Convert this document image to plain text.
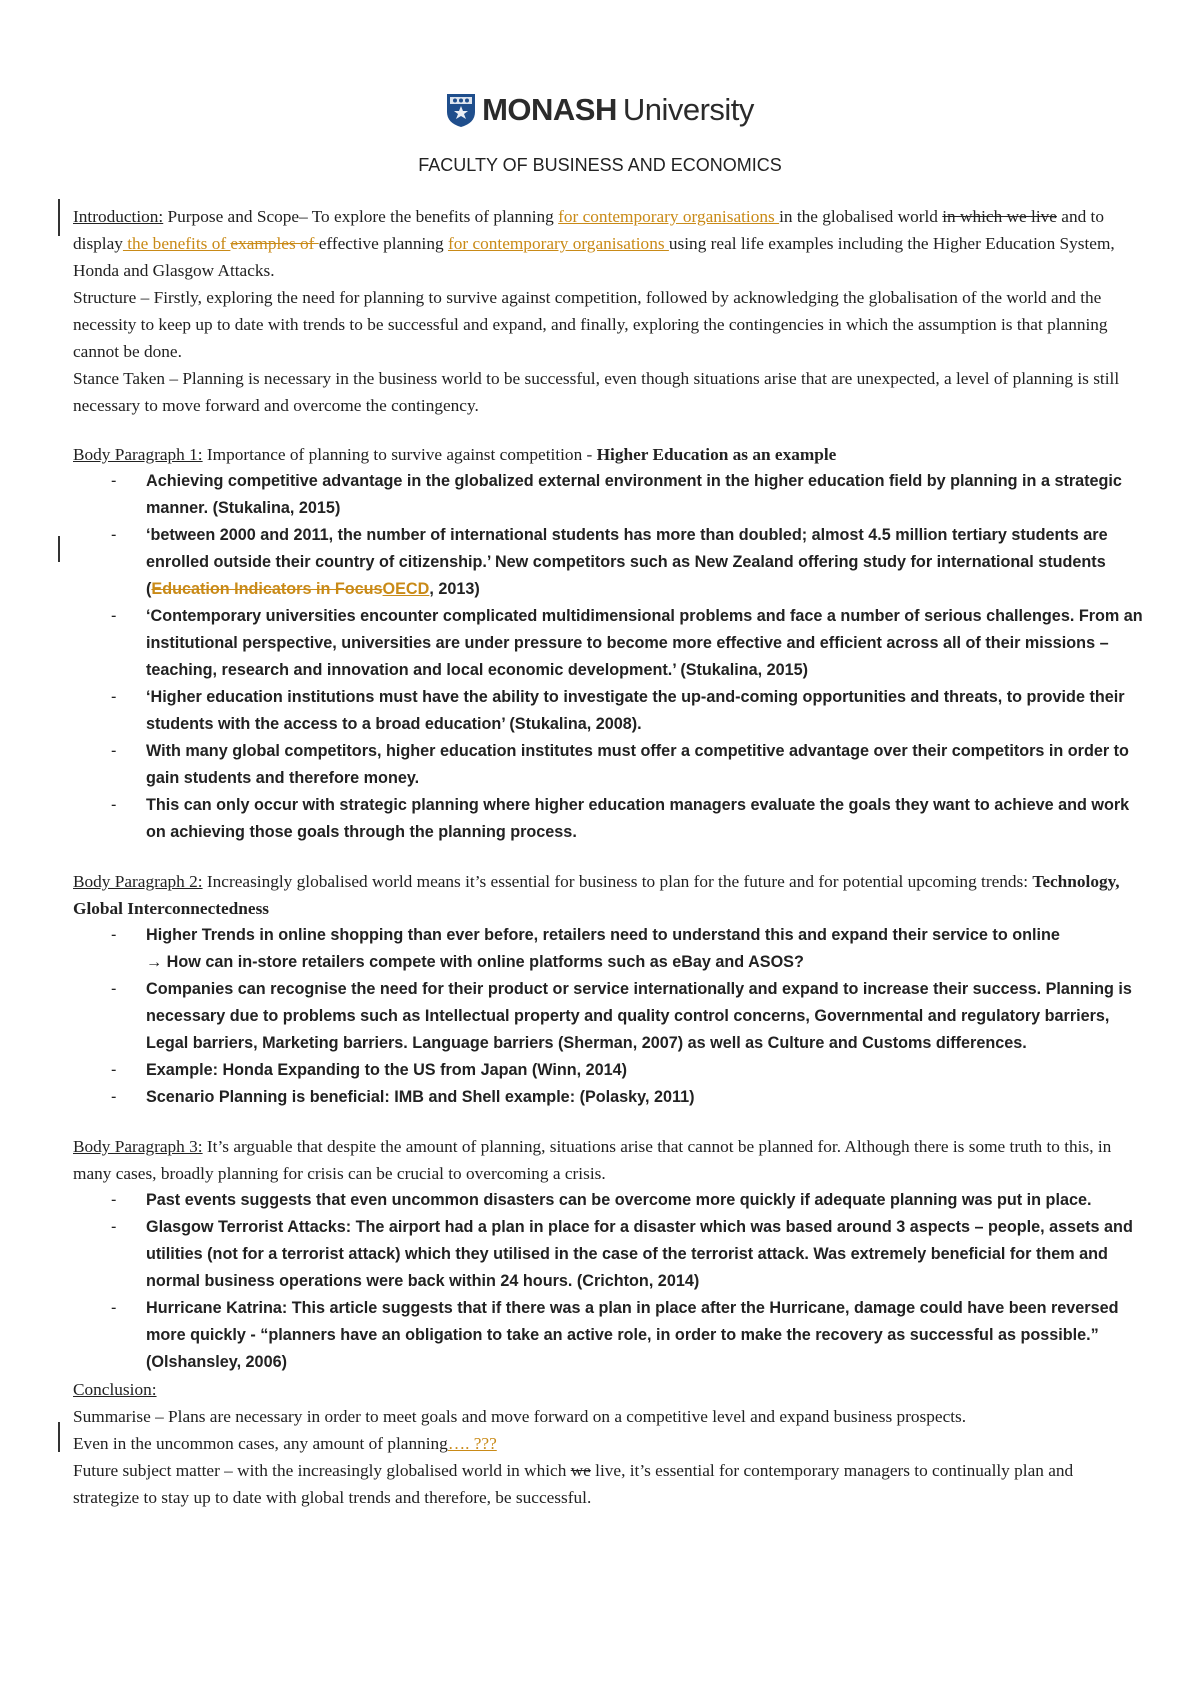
MONASH University
FACULTY OF BUSINESS AND ECONOMICS

Introduction: Purpose and Scope– To explore the benefits of planning for contemporary organisations in the globalised world in which we live and to display the benefits of examples of effective planning for contemporary organisations using real life examples including the Higher Education System, Honda and Glasgow Attacks.

Structure – Firstly, exploring the need for planning to survive against competition, followed by acknowledging the globalisation of the world and the necessity to keep up to date with trends to be successful and expand, and finally, exploring the contingencies in which the assumption is that planning cannot be done.

Stance Taken – Planning is necessary in the business world to be successful, even though situations arise that are unexpected, a level of planning is still necessary to move forward and overcome the contingency.

Body Paragraph 1: Importance of planning to survive against competition - Higher Education as an example

- Achieving competitive advantage in the globalized external environment in the higher education field by planning in a strategic manner. (Stukalina, 2015)
- ‘between 2000 and 2011, the number of international students has more than doubled; almost 4.5 million tertiary students are enrolled outside their country of citizenship.’ New competitors such as New Zealand offering study for international students (Education Indicators in FocusOECD, 2013)
- ‘Contemporary universities encounter complicated multidimensional problems and face a number of serious challenges. From an institutional perspective, universities are under pressure to become more effective and efficient across all of their missions – teaching, research and innovation and local economic development.’ (Stukalina, 2015)
- ‘Higher education institutions must have the ability to investigate the up-and-coming opportunities and threats, to provide their students with the access to a broad education’ (Stukalina, 2008).
- With many global competitors, higher education institutes must offer a competitive advantage over their competitors in order to gain students and therefore money.
- This can only occur with strategic planning where higher education managers evaluate the goals they want to achieve and work on achieving those goals through the planning process.

Body Paragraph 2: Increasingly globalised world means it’s essential for business to plan for the future and for potential upcoming trends: Technology, Global Interconnectedness

- Higher Trends in online shopping than ever before, retailers need to understand this and expand their service to online
→ How can in-store retailers compete with online platforms such as eBay and ASOS?
- Companies can recognise the need for their product or service internationally and expand to increase their success. Planning is necessary due to problems such as Intellectual property and quality control concerns, Governmental and regulatory barriers, Legal barriers, Marketing barriers. Language barriers (Sherman, 2007) as well as Culture and Customs differences.
- Example: Honda Expanding to the US from Japan (Winn, 2014)
- Scenario Planning is beneficial: IMB and Shell example: (Polasky, 2011)

Body Paragraph 3: It’s arguable that despite the amount of planning, situations arise that cannot be planned for. Although there is some truth to this, in many cases, broadly planning for crisis can be crucial to overcoming a crisis.

- Past events suggests that even uncommon disasters can be overcome more quickly if adequate planning was put in place.
- Glasgow Terrorist Attacks: The airport had a plan in place for a disaster which was based around 3 aspects – people, assets and utilities (not for a terrorist attack) which they utilised in the case of the terrorist attack. Was extremely beneficial for them and normal business operations were back within 24 hours. (Crichton, 2014)
- Hurricane Katrina: This article suggests that if there was a plan in place after the Hurricane, damage could have been reversed more quickly - “planners have an obligation to take an active role, in order to make the recovery as successful as possible.” (Olshansley, 2006)

Conclusion:

Summarise – Plans are necessary in order to meet goals and move forward on a competitive level and expand business prospects.

Even in the uncommon cases, any amount of planning…. ???

Future subject matter – with the increasingly globalised world in which we live, it’s essential for contemporary managers to continually plan and strategize to stay up to date with global trends and therefore, be successful.
